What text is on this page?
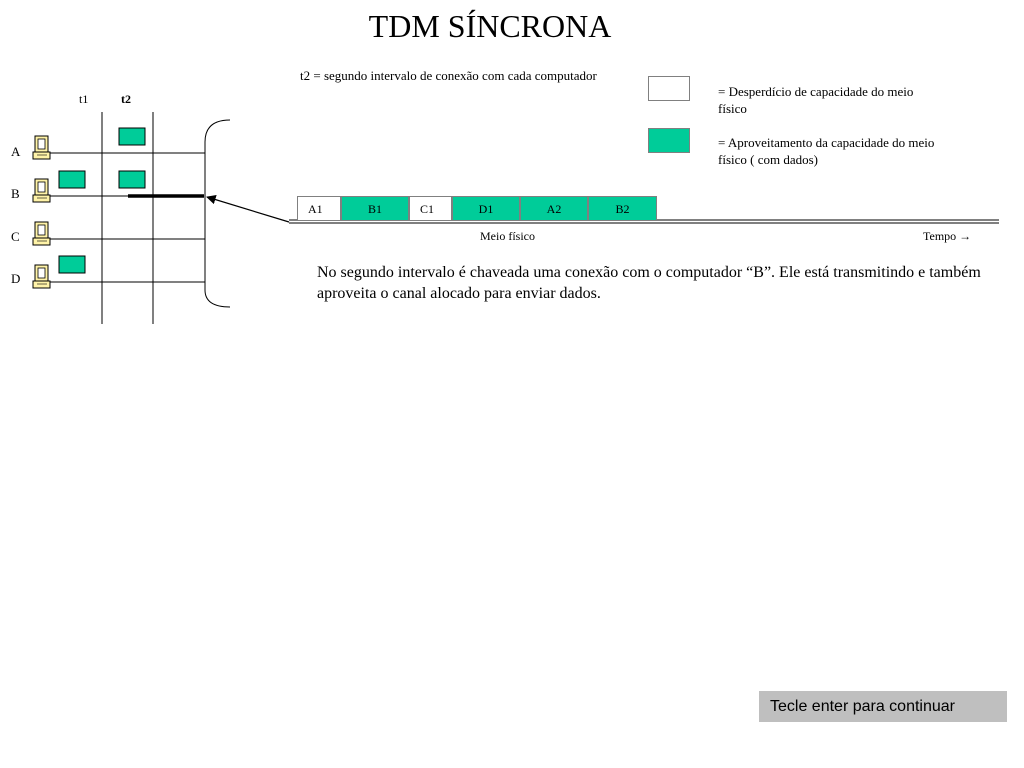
TDM SÍNCRONA
t2 = segundo intervalo de conexão com cada computador
t1	t2
A
B
C
D
= Desperdício de capacidade do meio físico
= Aproveitamento da capacidade do meio físico ( com dados)
A1	B1	C1	D1	A2	B2
Meio físico	Tempo →
No segundo intervalo é chaveada uma conexão com o computador “B”. Ele está transmitindo e também aproveita o canal alocado para enviar dados.
Tecle enter para continuar
